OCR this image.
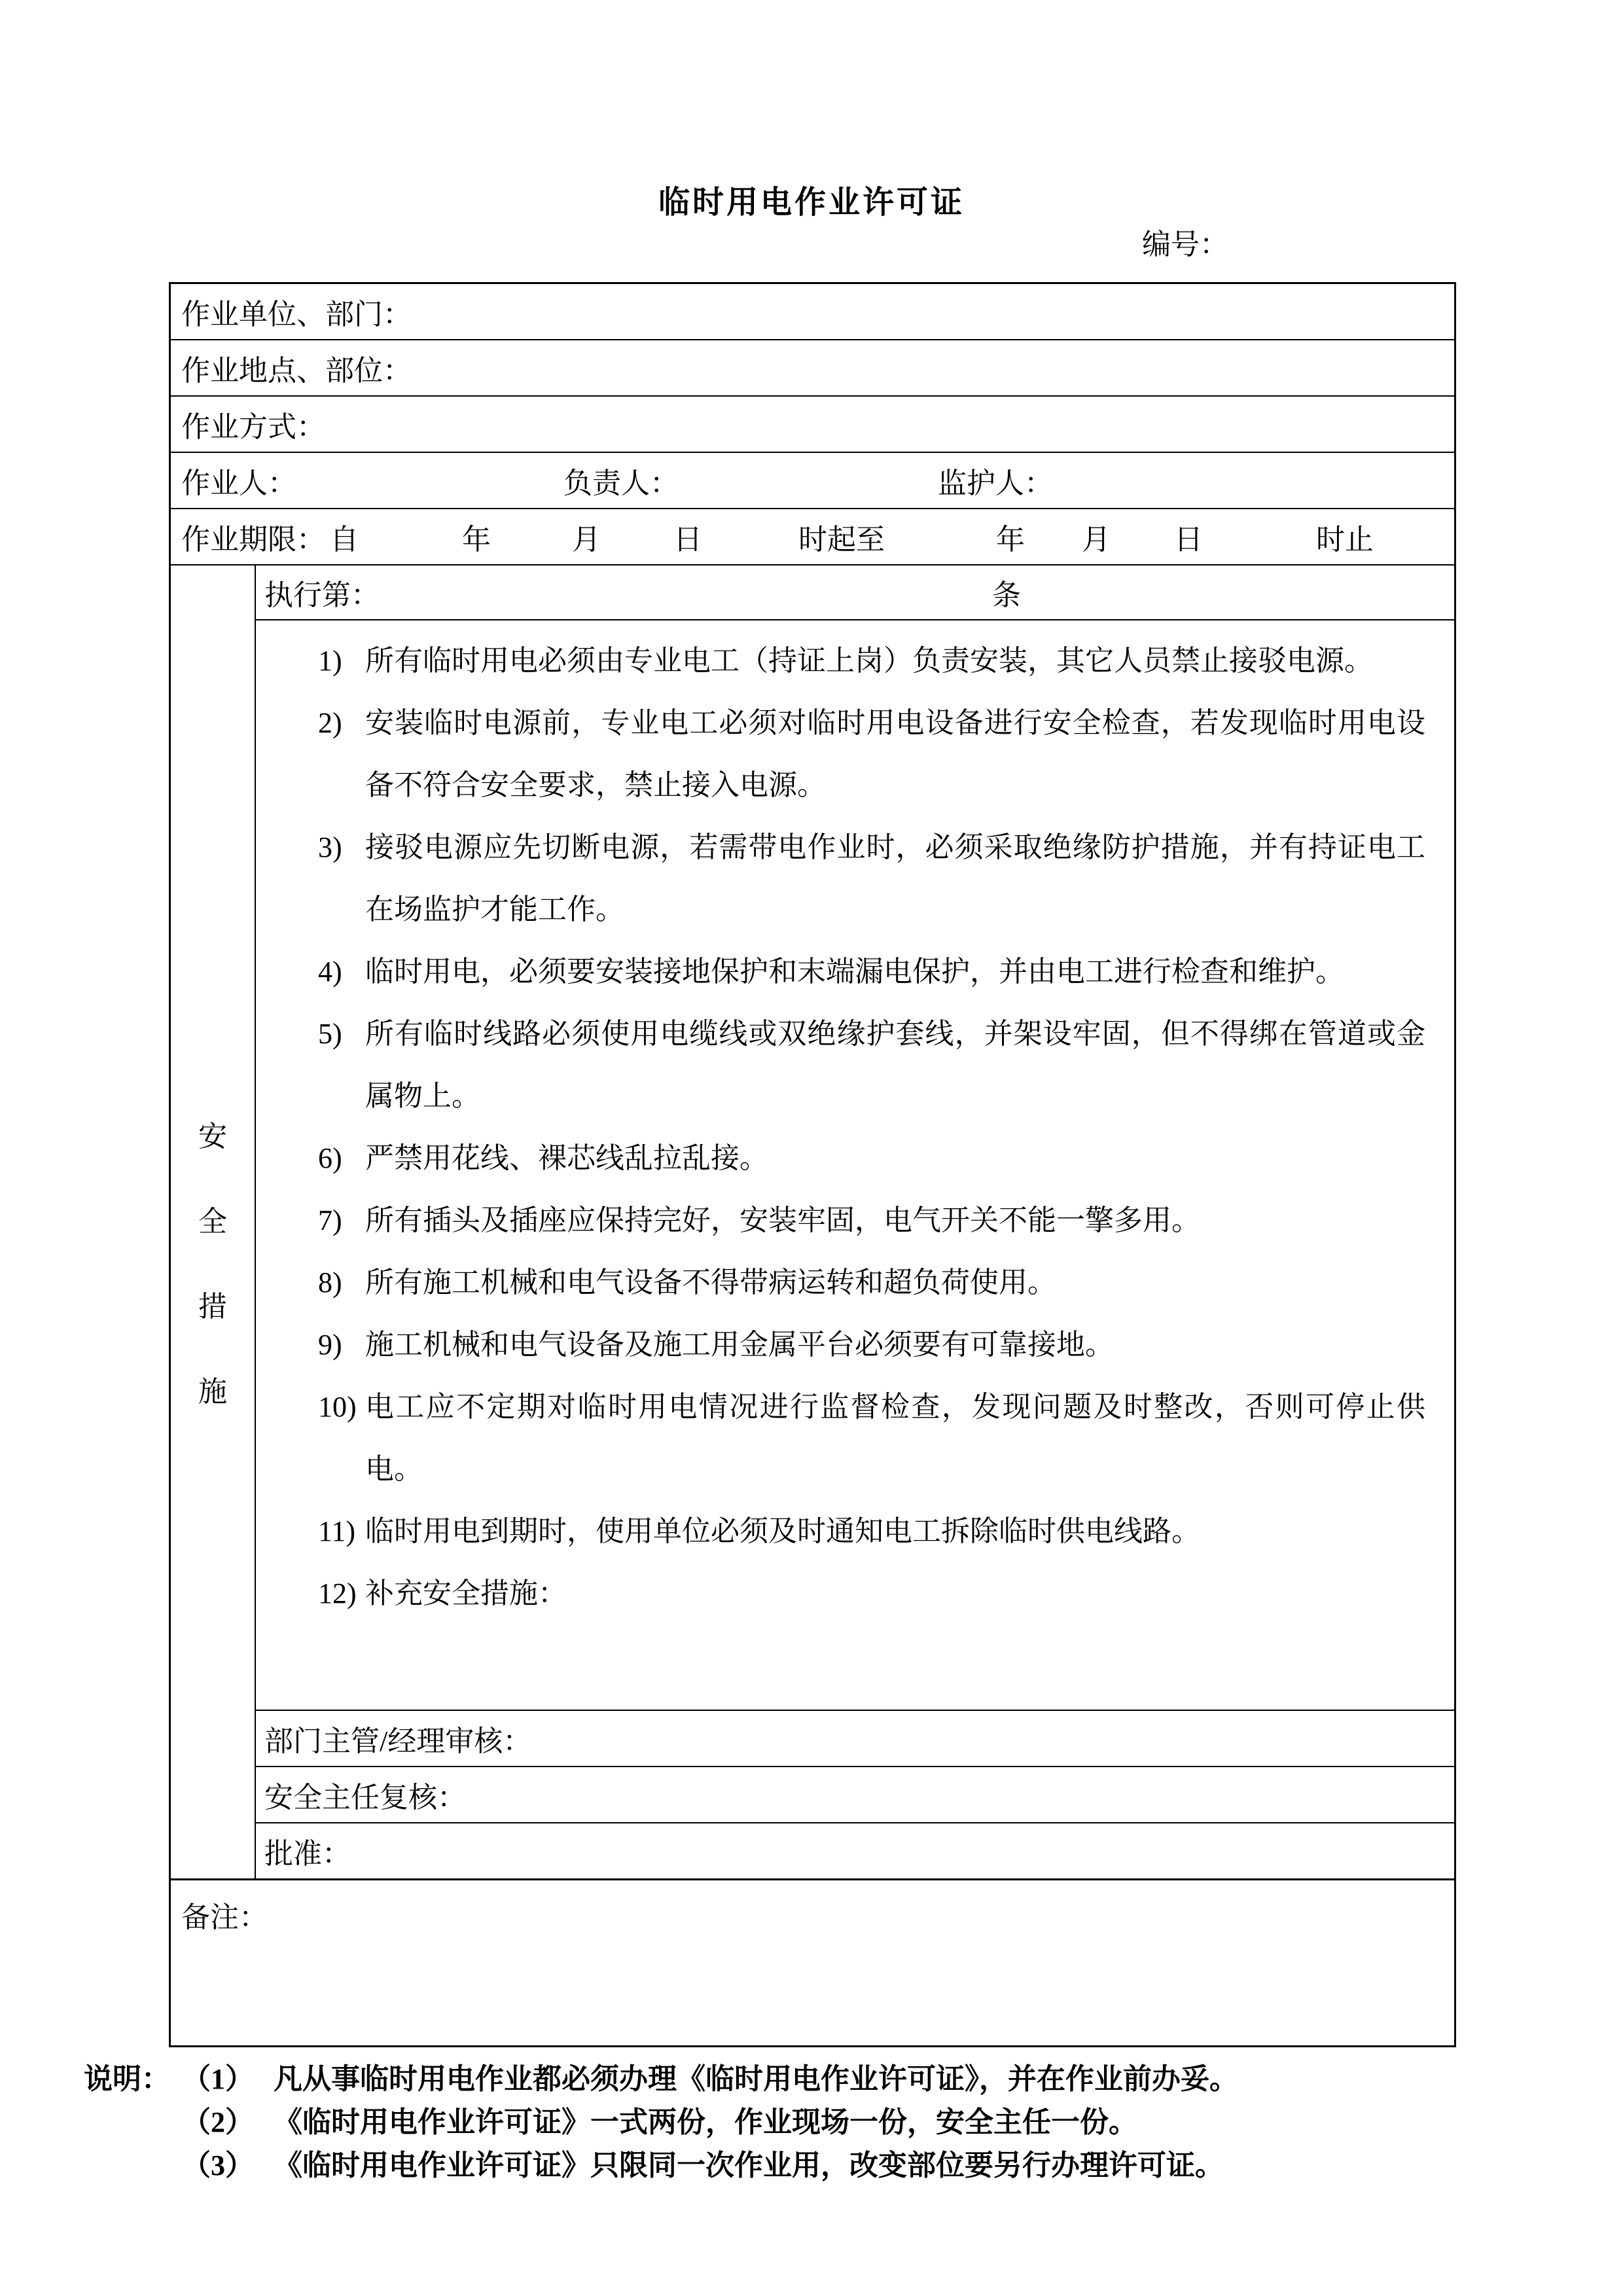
临时用电作业许可证
编号：
作业单位、部门：
作业地点、部位：
作业方式：
作业人：	负责人：	监护人：
作业期限： 自	年	月	日	时起至	年 月 日	时止
安
全
措
施
执行第：	条
1) 所有临时用电必须由专业电工（持证上岗）负责安装，其它人员禁止接驳电源。
2) 安装临时电源前，专业电工必须对临时用电设备进行安全检查，若发现临时用电设备不符合安全要求，禁止接入电源。
3) 接驳电源应先切断电源，若需带电作业时，必须采取绝缘防护措施，并有持证电工在场监护才能工作。
4) 临时用电，必须要安装接地保护和末端漏电保护，并由电工进行检查和维护。
5) 所有临时线路必须使用电缆线或双绝缘护套线，并架设牢固，但不得绑在管道或金属物上。
6) 严禁用花线、裸芯线乱拉乱接。
7) 所有插头及插座应保持完好，安装牢固，电气开关不能一擎多用。
8) 所有施工机械和电气设备不得带病运转和超负荷使用。
9) 施工机械和电气设备及施工用金属平台必须要有可靠接地。
10) 电工应不定期对临时用电情况进行监督检查，发现问题及时整改，否则可停止供电。
11) 临时用电到期时，使用单位必须及时通知电工拆除临时供电线路。
12) 补充安全措施：
部门主管/经理审核：
安全主任复核：
批准：
备注：
说明： （1） 凡从事临时用电作业都必须办理《临时用电作业许可证》，并在作业前办妥。
（2） 《临时用电作业许可证》一式两份，作业现场一份，安全主任一份。
（3） 《临时用电作业许可证》只限同一次作业用，改变部位要另行办理许可证。
